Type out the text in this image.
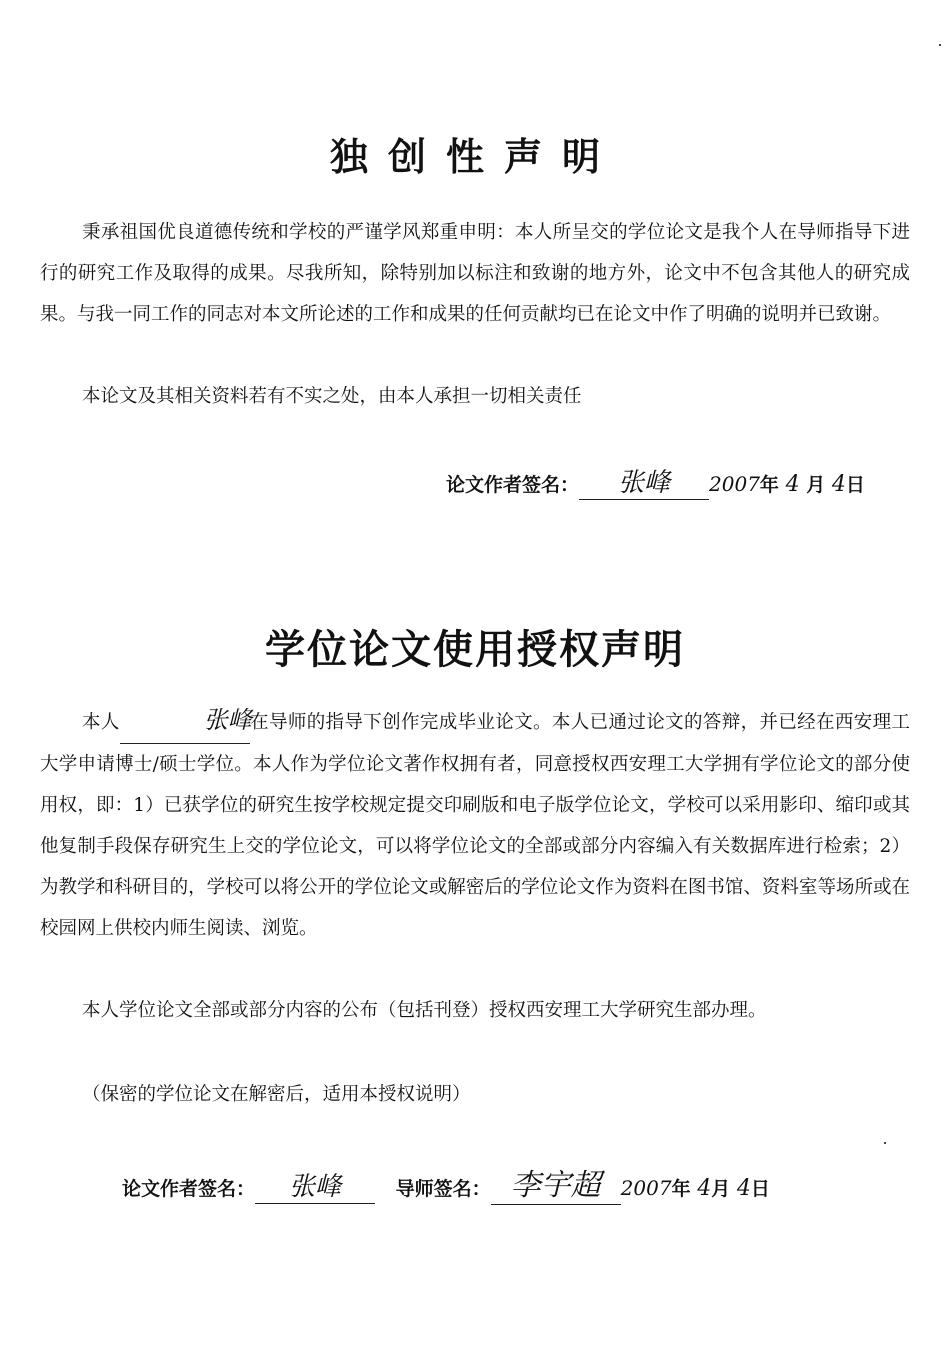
独创性声明

秉承祖国优良道德传统和学校的严谨学风郑重申明：本人所呈交的学位论文是我个人在导师指导下进行的研究工作及取得的成果。尽我所知，除特别加以标注和致谢的地方外，论文中不包含其他人的研究成果。与我一同工作的同志对本文所论述的工作和成果的任何贡献均已在论文中作了明确的说明并已致谢。

本论文及其相关资料若有不实之处，由本人承担一切相关责任

论文作者签名： 张峰 2007年 4 月 4日
学位论文使用授权声明

本人	张峰在导师的指导下创作完成毕业论文。本人已通过论文的答辩，并已经在西安理工大学申请博士/硕士学位。本人作为学位论文著作权拥有者，同意授权西安理工大学拥有学位论文的部分使用权，即：1）已获学位的研究生按学校规定提交印刷版和电子版学位论文，学校可以采用影印、缩印或其他复制手段保存研究生上交的学位论文，可以将学位论文的全部或部分内容编入有关数据库进行检索；2）为教学和科研目的，学校可以将公开的学位论文或解密后的学位论文作为资料在图书馆、资料室等场所或在校园网上供校内师生阅读、浏览。

本人学位论文全部或部分内容的公布（包括刊登）授权西安理工大学研究生部办理。

（保密的学位论文在解密后，适用本授权说明）

论文作者签名： 张峰	导师签名： 李宇超 2007年 4月 4日
